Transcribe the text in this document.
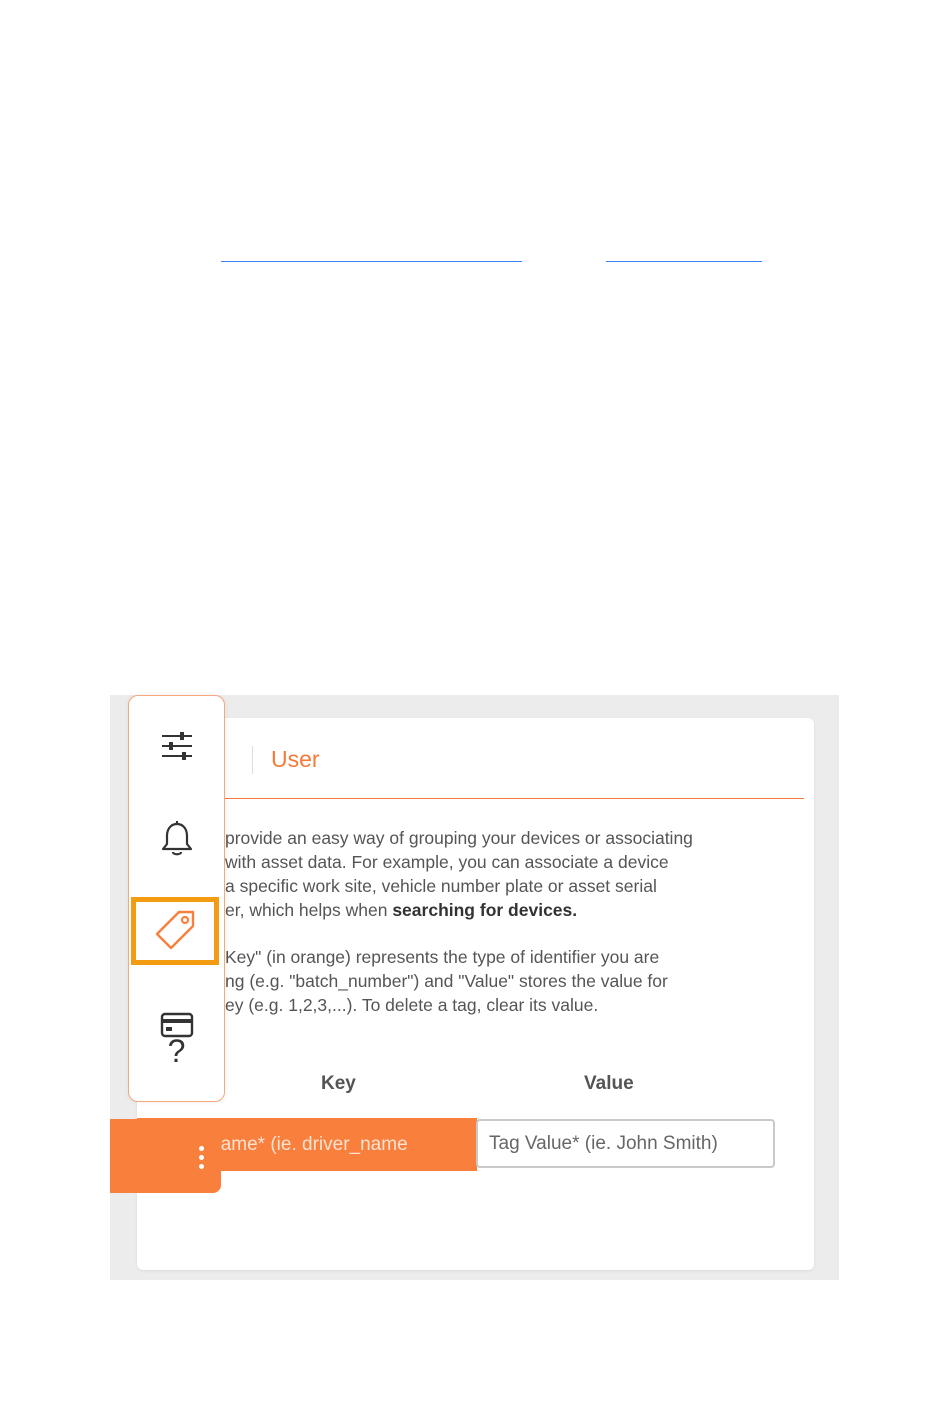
User

provide an easy way of grouping your devices or associating
with asset data. For example, you can associate a device
a specific work site, vehicle number plate or asset serial
er, which helps when searching for devices.

Key" (in orange) represents the type of identifier you are
ng (e.g. "batch_number") and "Value" stores the value for
ey (e.g. 1,2,3,...). To delete a tag, clear its value.

Key	Value
Name* (ie. driver_name
Tag Value* (ie. John Smith)
?
